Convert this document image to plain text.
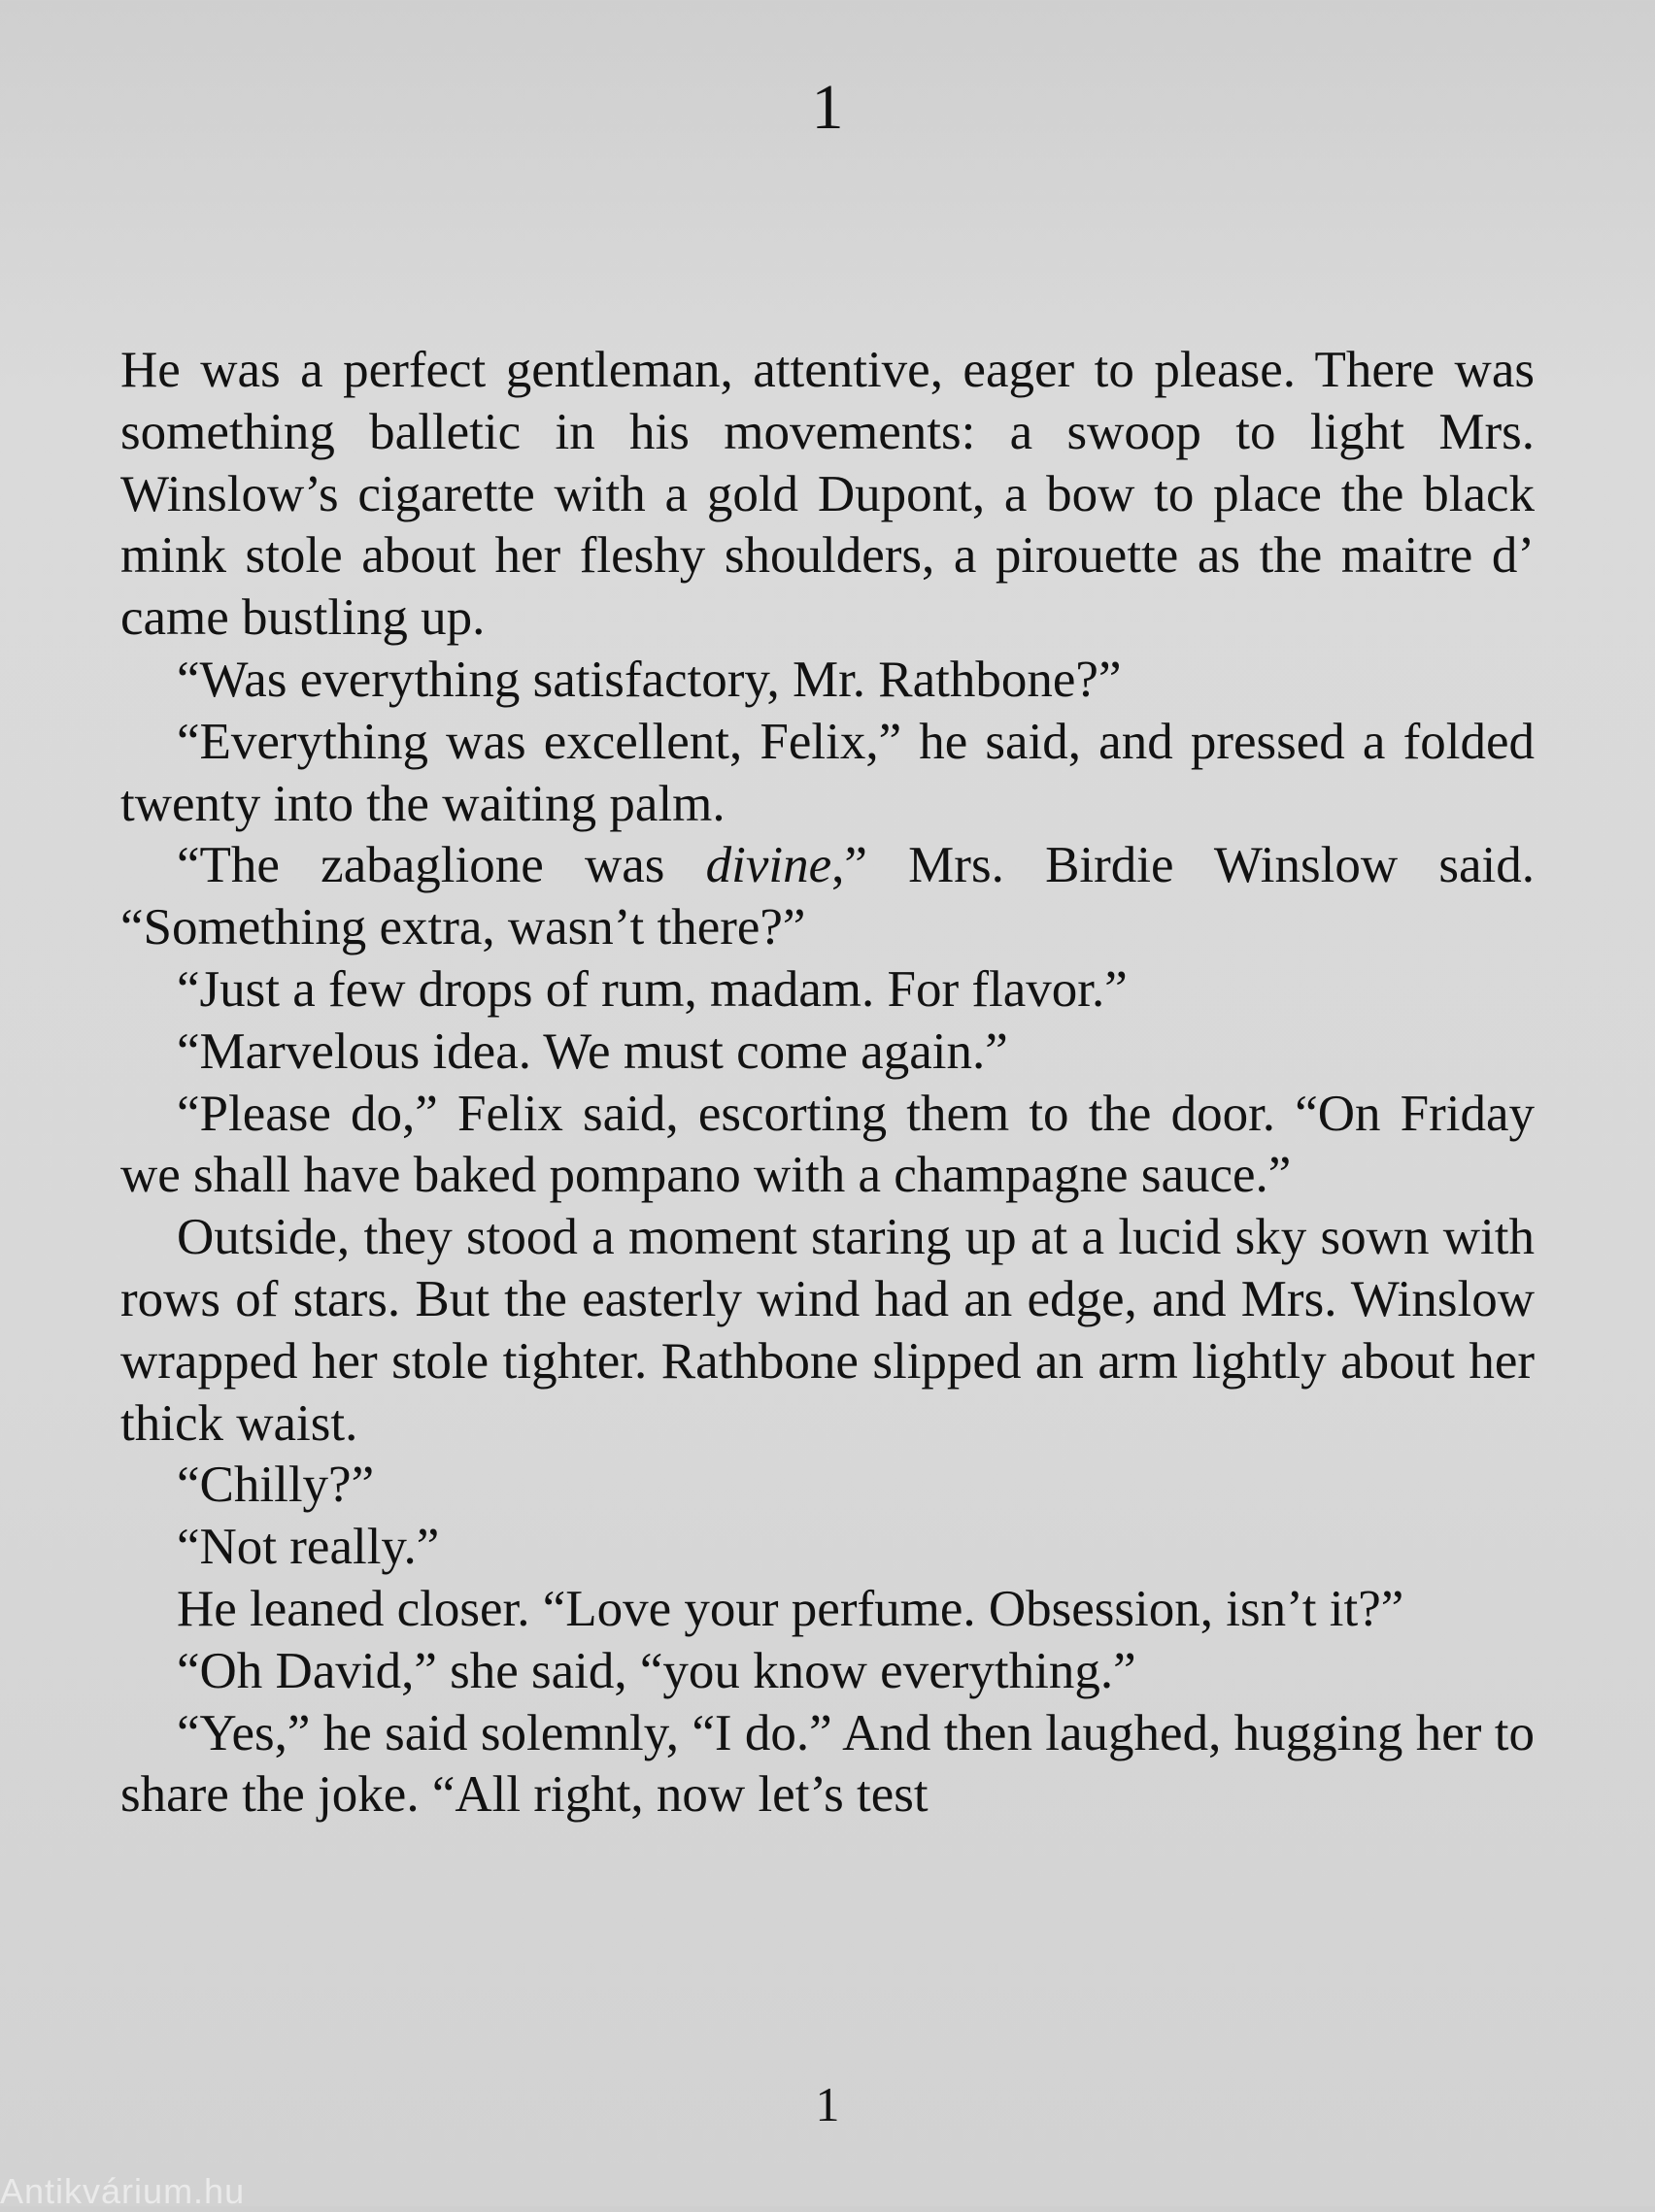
1

He was a perfect gentleman, attentive, eager to please. There was something balletic in his movements: a swoop to light Mrs. Winslow’s cigarette with a gold Dupont, a bow to place the black mink stole about her fleshy shoulders, a pirouette as the maitre d’ came bustling up.

“Was everything satisfactory, Mr. Rathbone?”

“Everything was excellent, Felix,” he said, and pressed a folded twenty into the waiting palm.

“The zabaglione was divine,” Mrs. Birdie Winslow said. “Something extra, wasn’t there?”

“Just a few drops of rum, madam. For flavor.”

“Marvelous idea. We must come again.”

“Please do,” Felix said, escorting them to the door. “On Friday we shall have baked pompano with a champagne sauce.”

Outside, they stood a moment staring up at a lucid sky sown with rows of stars. But the easterly wind had an edge, and Mrs. Winslow wrapped her stole tighter. Rathbone slipped an arm lightly about her thick waist.

“Chilly?”

“Not really.”

He leaned closer. “Love your perfume. Obsession, isn’t it?”

“Oh David,” she said, “you know everything.”

“Yes,” he said solemnly, “I do.” And then laughed, hugging her to share the joke. “All right, now let’s test

1
Antikvárium.hu
